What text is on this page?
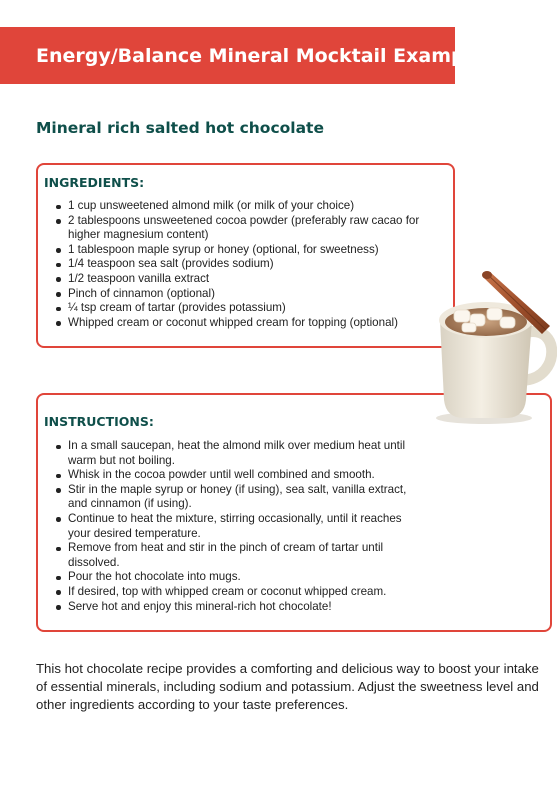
Energy/Balance Mineral Mocktail Example:
Mineral rich salted hot chocolate
INGREDIENTS:
1 cup unsweetened almond milk (or milk of your choice)
2 tablespoons unsweetened cocoa powder (preferably raw cacao for higher magnesium content)
1 tablespoon maple syrup or honey (optional, for sweetness)
1/4 teaspoon sea salt (provides sodium)
1/2 teaspoon vanilla extract
Pinch of cinnamon (optional)
¼ tsp cream of tartar (provides potassium)
Whipped cream or coconut whipped cream for topping (optional)
INSTRUCTIONS:
In a small saucepan, heat the almond milk over medium heat until warm but not boiling.
Whisk in the cocoa powder until well combined and smooth.
Stir in the maple syrup or honey (if using), sea salt, vanilla extract, and cinnamon (if using).
Continue to heat the mixture, stirring occasionally, until it reaches your desired temperature.
Remove from heat and stir in the pinch of cream of tartar until dissolved.
Pour the hot chocolate into mugs.
If desired, top with whipped cream or coconut whipped cream.
Serve hot and enjoy this mineral-rich hot chocolate!
This hot chocolate recipe provides a comforting and delicious way to boost your intake of essential minerals, including sodium and potassium. Adjust the sweetness level and other ingredients according to your taste preferences.
